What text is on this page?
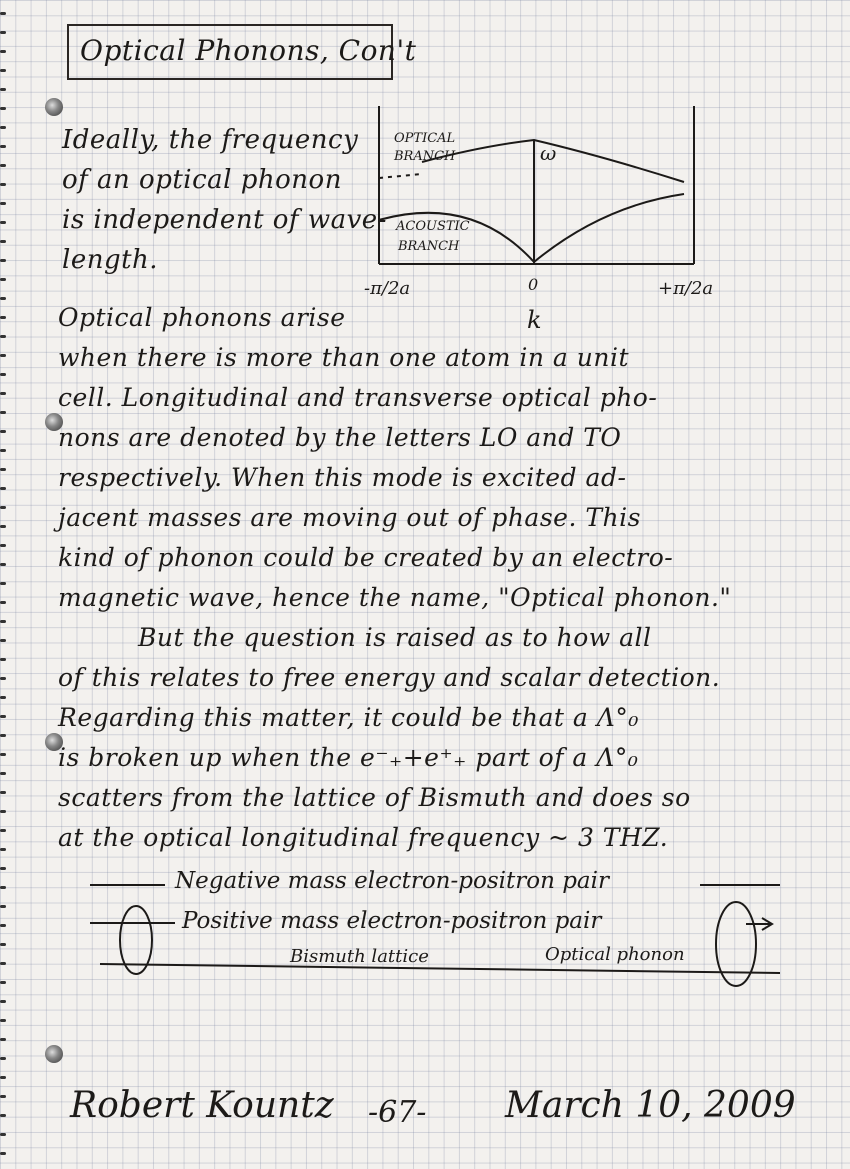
Optical Phonons, Con't
Ideally, the frequency
of an optical phonon
is independent of wave-
length.
OPTICAL
BRANCH
ACOUSTIC
BRANCH
ω
-π/2a	0	+π/2a
k
Optical phonons arise
when there is more than one atom in a unit
cell. Longitudinal and transverse optical pho-
nons are denoted by the letters LO and TO
respectively. When this mode is excited ad-
jacent masses are moving out of phase. This
kind of phonon could be created by an electro-
magnetic wave, hence the name, "Optical phonon."
But the question is raised as to how all
of this relates to free energy and scalar detection.
Regarding this matter, it could be that a Λ°₀
is broken up when the e⁻₊+e⁺₊ part of a Λ°₀
scatters from the lattice of Bismuth and does so
at the optical longitudinal frequency ~ 3 THZ.
Negative mass electron-positron pair
Positive mass electron-positron pair
Bismuth lattice	Optical phonon
Robert Kountz -67- March 10, 2009
